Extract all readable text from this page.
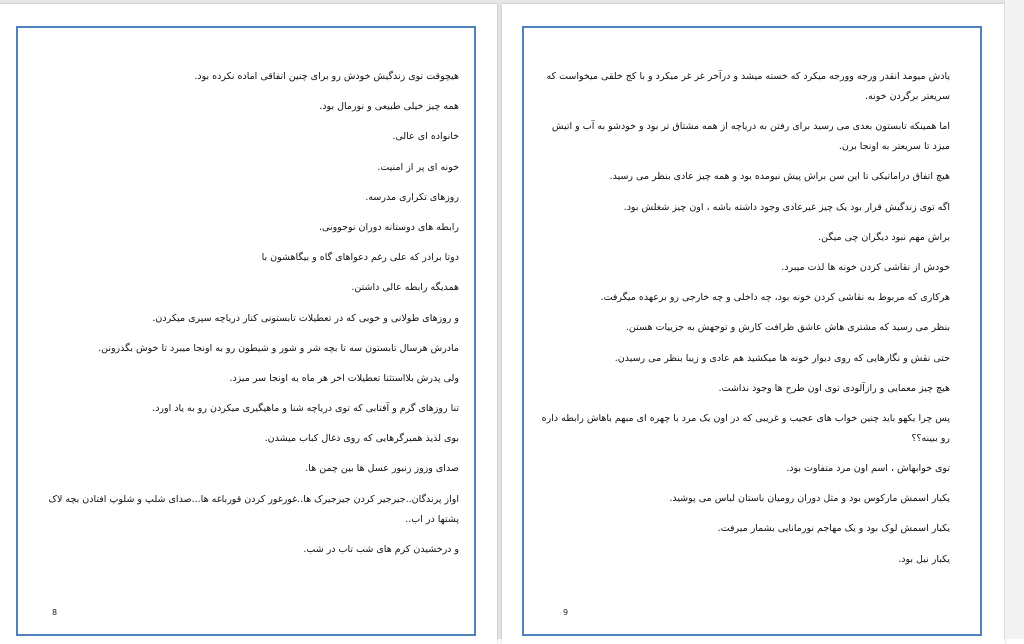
هیچوقت توی زندگیش خودش رو برای چنین اتفاقی اماده نکرده بود.

همه چیز خیلی طبیعی و نورمال بود.

خانواده ای عالی.

خونه ای پر از امنیت.

روزهای تکراری مدرسه.

رابطه های دوستانه دوران نوجوونی.

دوتا برادر که علی رغم دعواهای گاه و بیگاهشون با

همدیگه رابطه عالی داشتن.

و روزهای طولانی و خوبی که در تعطیلات تابستونی کنار دریاچه سپری میکردن.

مادرش هرسال تابستون سه تا بچه شر و شور و شیطون رو به اونجا میبرد تا خوش بگذرونن.

ولی پدرش بلااستثنا تعطیلات اخر هر ماه به اونجا سر میزد.

تنا روزهای گرم و آفتابی که توی دریاچه شنا و ماهیگیری میکردن رو به یاد اورد.

بوی لذیذ همبرگرهایی که روی ذغال کباب میشدن.

صدای وزوز زنبور عسل ها بین چمن ها.

اواز پرندگان..جیرجیر کردن جیرجیرک ها..غورغور کردن قورباغه ها...صدای شلپ و شلوپ افتادن بچه لاک پشتها در اب..

و درخشیدن کرم های شب تاب در شب.

8

یادش میومد انقدر ورجه وورجه میکرد که خسته میشد و درآخر غر غر میکرد و با کج خلقی میخواست که سریعتر برگردن خونه.

اما همینکه تابستون بعدی می رسید برای رفتن به دریاچه از همه مشتاق تر بود و خودشو به آب و اتیش میزد تا سریعتر به اونجا برن.

هیچ اتفاق دراماتیکی تا این سن براش پیش نیومده بود و همه چیز عادی بنظر می رسید.

اگه توی زندگیش قرار بود یک چیز غیرعادی وجود داشته باشه ، اون چیز شغلش بود.

براش مهم نبود دیگران چی میگن.

خودش از نقاشی کردن خونه ها لذت میبرد.

هرکاری که مربوط به نقاشی کردن خونه بود، چه داخلی و چه خارجی رو برعهده میگرفت.

بنظر می رسید که مشتری هاش عاشق ظرافت کارش و توجهش به جزییات هستن.

حتی نقش و نگارهایی که روی دیوار خونه ها میکشید هم عادی و زیبا بنظر می رسیدن.

هیچ چیز معمایی و رازآلودی توی اون طرح ها وجود نداشت.

پس چرا یکهو باید چنین خواب های عجیب و غریبی که در اون یک مرد با چهره ای مبهم باهاش رابطه داره رو ببینه؟؟

توی خوابهاش ، اسم اون مرد متفاوت بود.

یکبار اسمش مارکوس بود و مثل دوران رومیان باستان لباس می پوشید.

یکبار اسمش لوک بود و یک مهاجم نورمانایی بشمار میرفت.

یکبار نیل بود.

9
